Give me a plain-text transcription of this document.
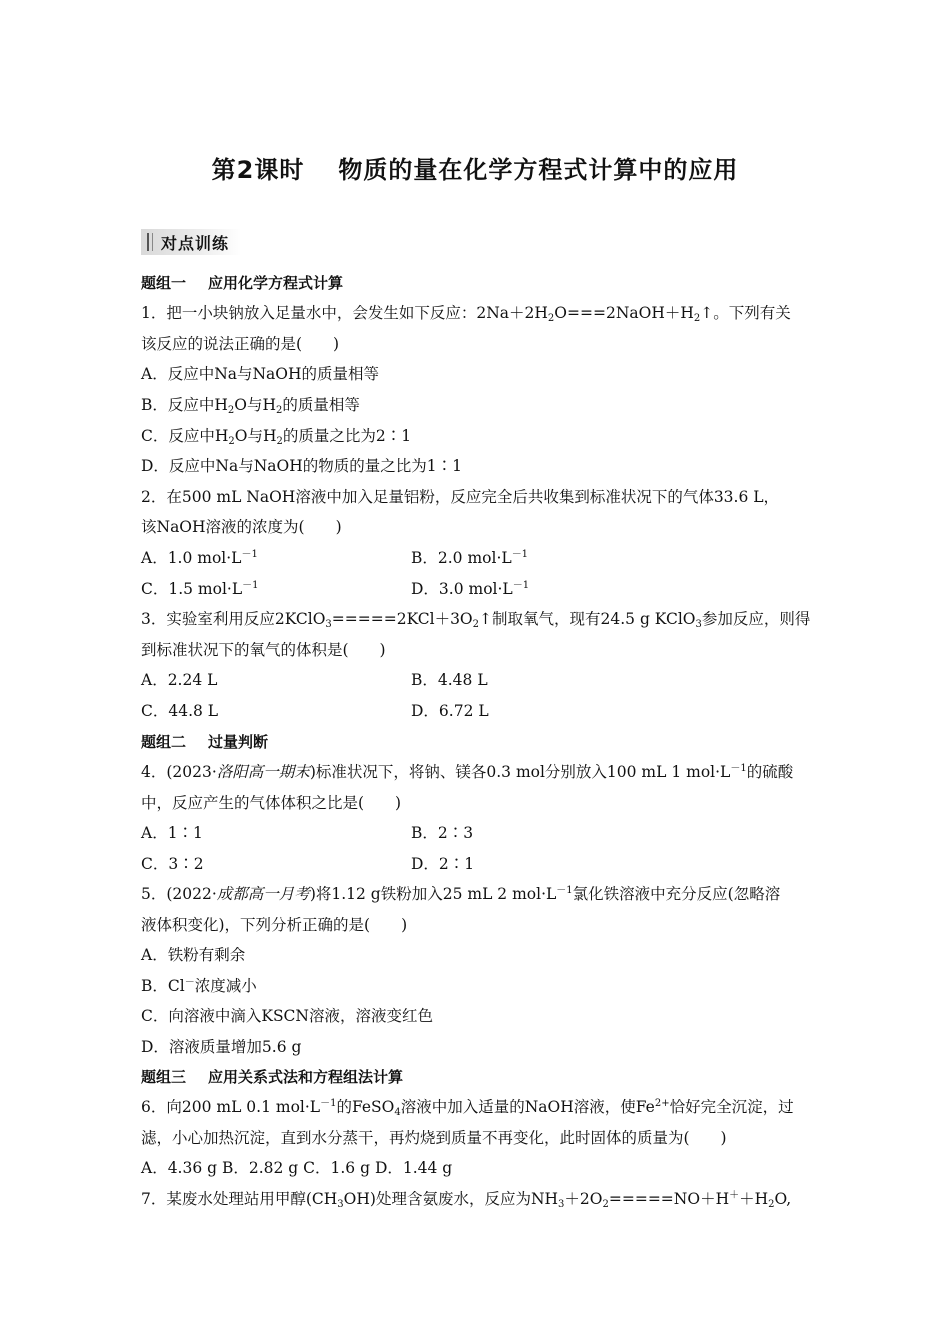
第2课时 物质的量在化学方程式计算中的应用
对点训练
题组一 应用化学方程式计算
1．把一小块钠放入足量水中，会发生如下反应：$2Na+2H_2O===2NaOH+H_2↑$。下列有关
该反应的说法正确的是(　　)
A．反应中Na与NaOH的质量相等
B．反应中$H_2O$与$H_2$的质量相等
C．反应中$H_2O$与$H_2$的质量之比为2∶1
D．反应中Na与NaOH的物质的量之比为1∶1
2．在500 mL NaOH溶液中加入足量铝粉，反应完全后共收集到标准状况下的气体33.6 L，
该NaOH溶液的浓度为(　　)
A．1.0 $mol\cdot L^{-1}$	B．2.0 $mol\cdot L^{-1}$
C．1.5 $mol\cdot L^{-1}$	D．3.0 $mol\cdot L^{-1}$
3．实验室利用反应$2KClO_3=====2KCl+3O_2↑$制取氧气，现有24.5 g KClO$_3$参加反应，则得
到标准状况下的氧气的体积是(　　)
A．2.24 L	B．4.48 L
C．44.8 L	D．6.72 L
题组二 过量判断
4．(2023·洛阳高一期末)标准状况下，将钠、镁各0.3 mol分别放入100 mL 1 $mol\cdot L^{-1}$的硫酸
中，反应产生的气体体积之比是(　　)
A．1∶1	B．2∶3
C．3∶2	D．2∶1
5．(2022·成都高一月考)将1.12 g铁粉加入25 mL 2 $mol\cdot L^{-1}$氯化铁溶液中充分反应(忽略溶
液体积变化)，下列分析正确的是(　　)
A．铁粉有剩余
B．Cl－浓度减小
C．向溶液中滴入KSCN溶液，溶液变红色
D．溶液质量增加5.6 g
题组三 应用关系式法和方程组法计算
6．向200 mL 0.1 $mol\cdot L^{-1}$的FeSO$_4$溶液中加入适量的NaOH溶液，使$Fe^{2+}$恰好完全沉淀，过
滤，小心加热沉淀，直到水分蒸干，再灼烧到质量不再变化，此时固体的质量为(　　)
A．4.36 g B．2.82 g C．1.6 g D．1.44 g
7．某废水处理站用甲醇$(CH_3OH)$处理含氨废水，反应为$NH_3+2O_2=====NO+H^++H_2O$,
